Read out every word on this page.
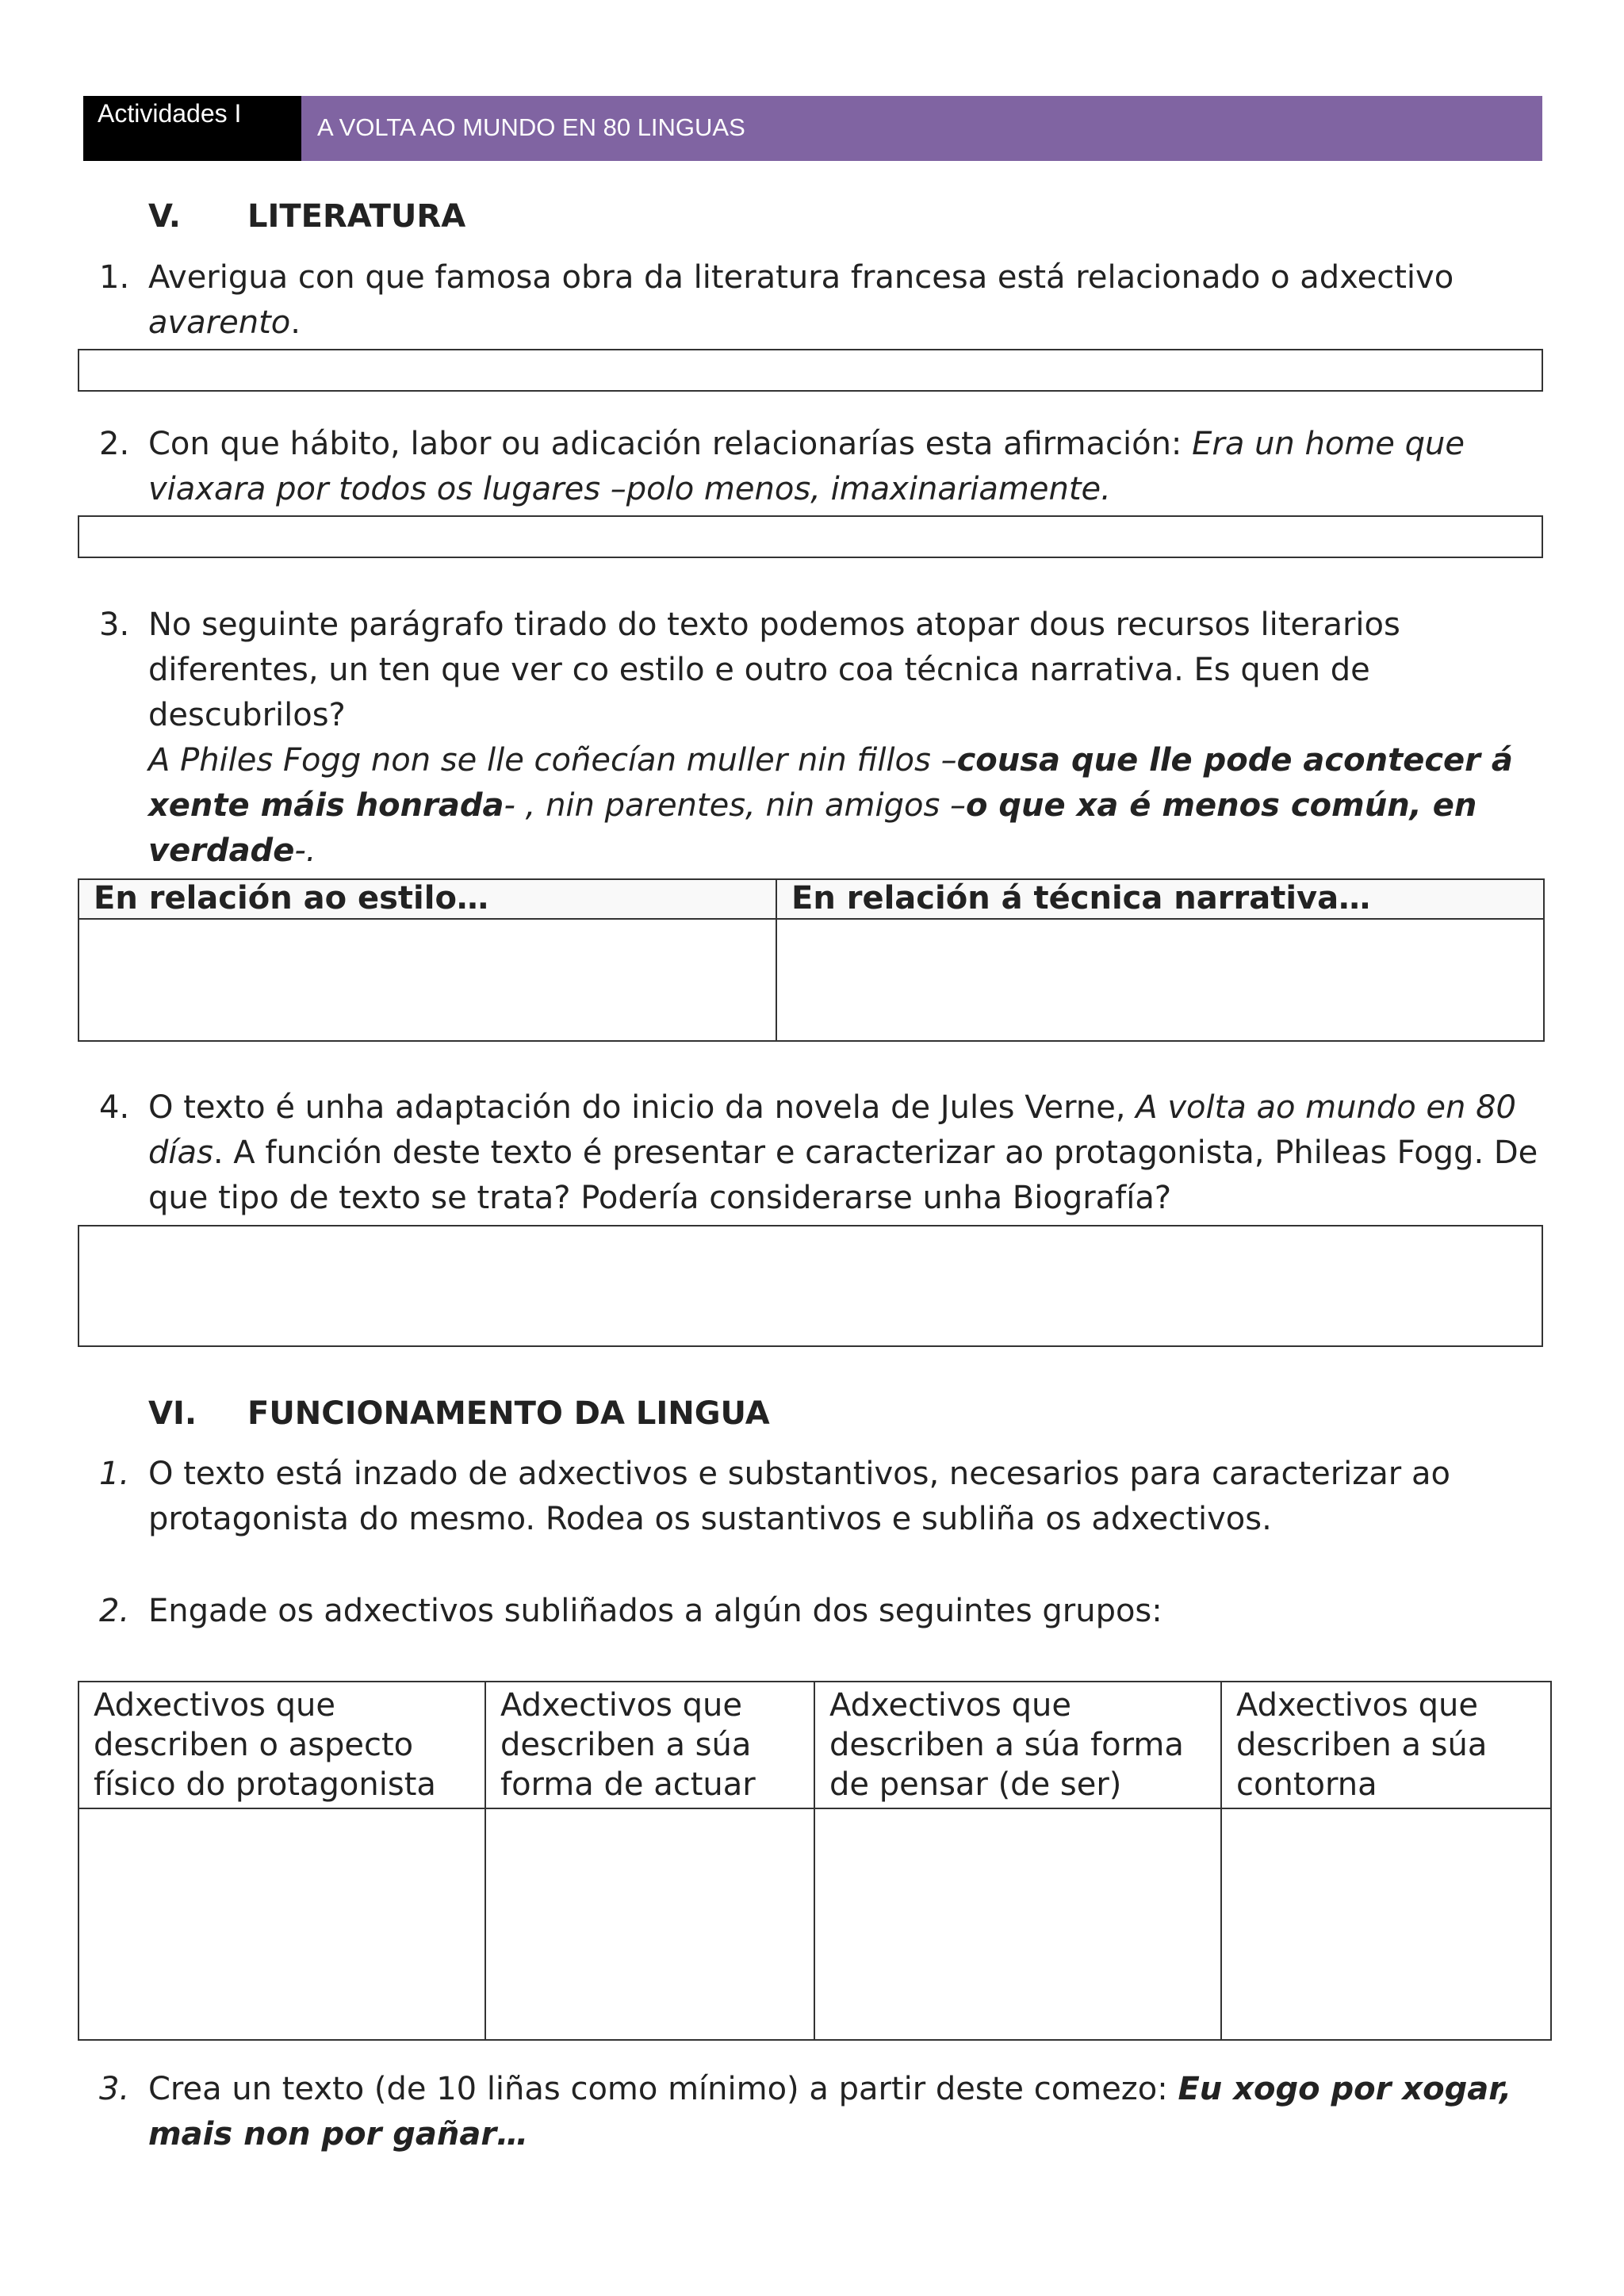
Actividades I	A VOLTA AO MUNDO EN 80 LINGUAS
V. LITERATURA
1. Averigua con que famosa obra da literatura francesa está relacionado o adxectivo avarento.
2. Con que hábito, labor ou adicación relacionarías esta afirmación: Era un home que viaxara por todos os lugares –polo menos, imaxinariamente.
3. No seguinte parágrafo tirado do texto podemos atopar dous recursos literarios diferentes, un ten que ver co estilo e outro coa técnica narrativa. Es quen de descubrilos?
A Philes Fogg non se lle coñecían muller nin fillos –cousa que lle pode acontecer á xente máis honrada- , nin parentes, nin amigos –o que xa é menos común, en verdade-.
En relación ao estilo…	En relación á técnica narrativa…

4. O texto é unha adaptación do inicio da novela de Jules Verne, A volta ao mundo en 80 días. A función deste texto é presentar e caracterizar ao protagonista, Phileas Fogg. De que tipo de texto se trata? Podería considerarse unha Biografía?
VI. FUNCIONAMENTO DA LINGUA
1. O texto está inzado de adxectivos e substantivos, necesarios para caracterizar ao protagonista do mesmo. Rodea os sustantivos e subliña os adxectivos.
2. Engade os adxectivos subliñados a algún dos seguintes grupos:
Adxectivos que describen o aspecto físico do protagonista	Adxectivos que describen a súa forma de actuar	Adxectivos que describen a súa forma de pensar (de ser)	Adxectivos que describen a súa contorna

3. Crea un texto (de 10 liñas como mínimo) a partir deste comezo: Eu xogo por xogar, mais non por gañar…
